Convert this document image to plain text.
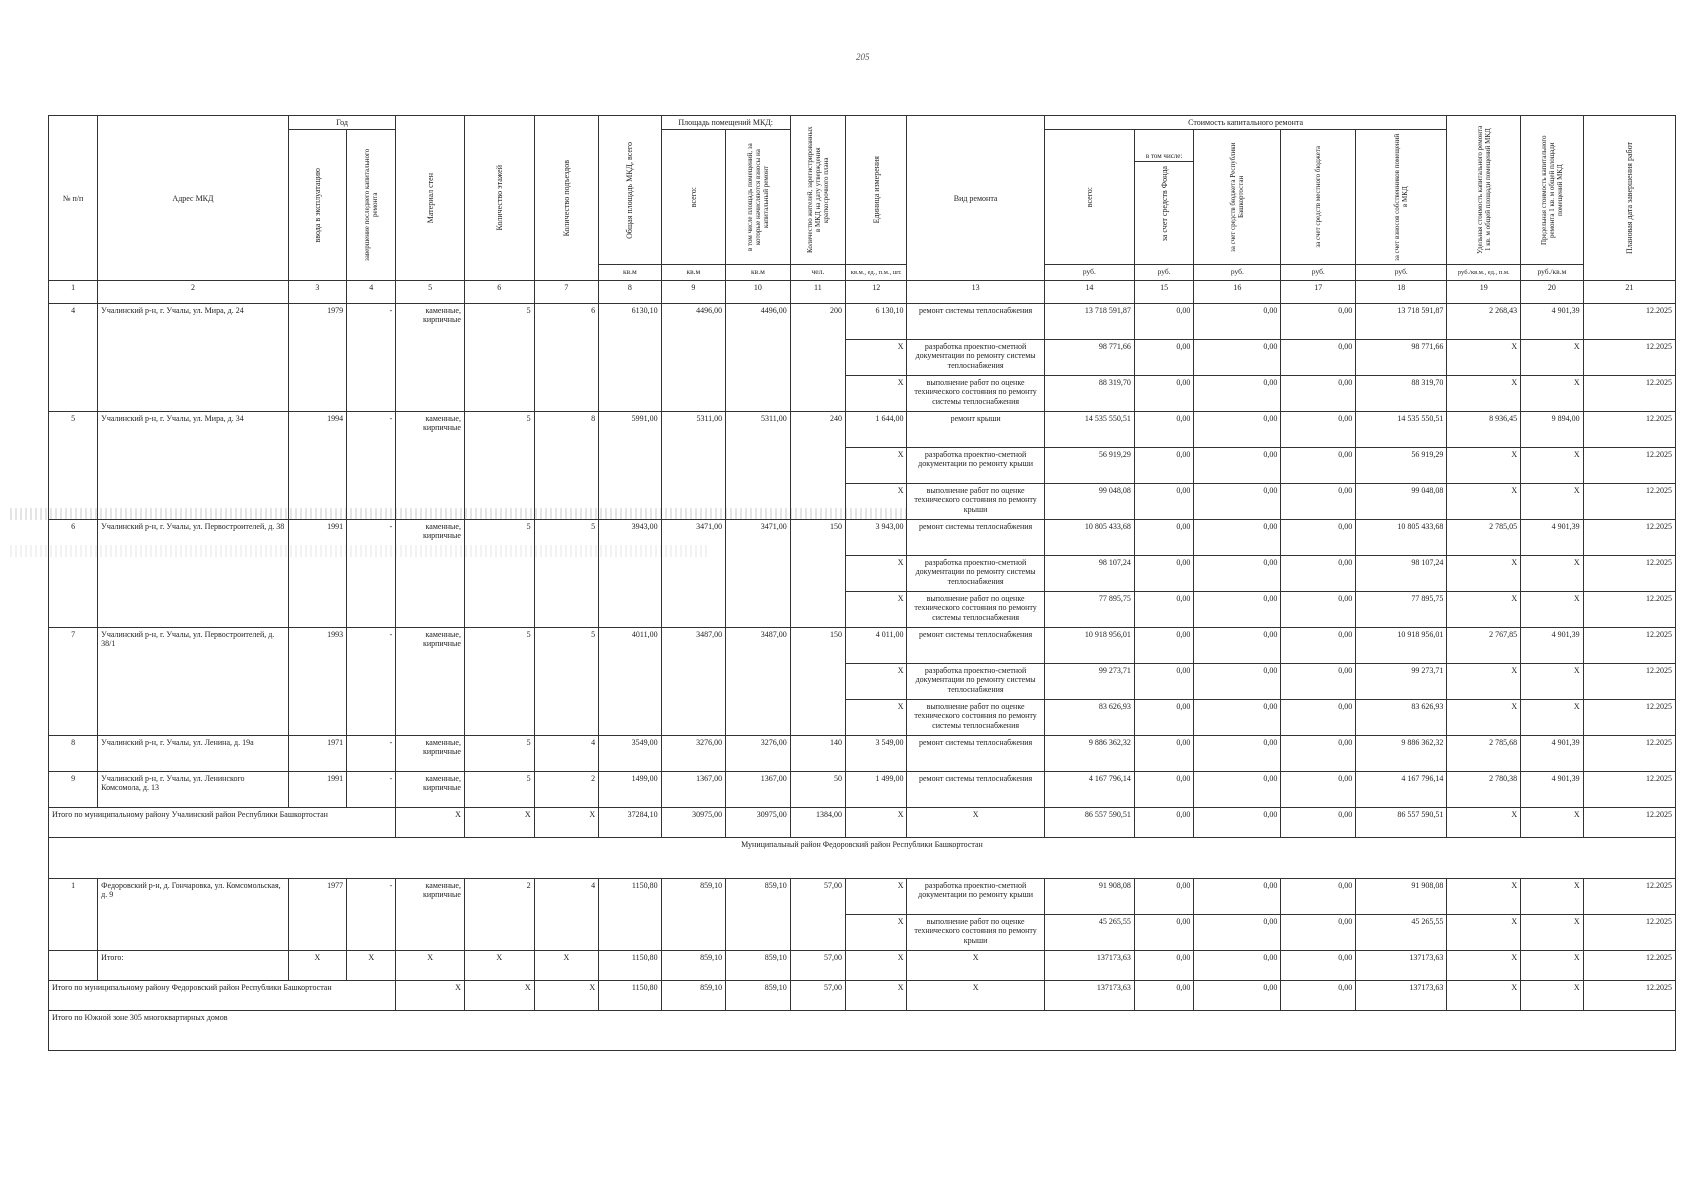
205
№ п/п	Адрес МКД	Год		Материал стен	Количество этажей	Количество подъездов	Общая площадь МКД, всего	Площадь помещений МКД:		Количество жителей, зарегистрированных в МКД на дату утверждения краткосрочного плана	Единица измерения	Вид ремонта	Стоимость капитального ремонта					Удельная стоимость капитального ремонта 1 кв. м общей площади помещений МКД	Предельная стоимость капитального ремонта 1 кв. м общей площади помещений МКД	Плановая дата завершения работ

		ввода в эксплуатацию	завершение последнего капитального ремонта					всего:	в том числе площадь помещений, за которые начисляются взносы на капитальный ремонт				всего:	в том числе:
за счет средств Фонда	за счет средств бюджета Республики Башкортостан	за счет средств местного бюджета	за счет взносов собственников помещений в МКД			

							кв.м	кв.м	кв.м	чел.	кв.м., ед., п.м., шт.		руб.	руб.	руб.	руб.	руб.	руб./кв.м., ед., п.м.	руб./кв.м	
1	2	3	4	5	6	7	8	9	10	11	12	13	14	15	16	17	18	19	20	21
4	Учалинский р-н, г. Учалы, ул. Мира, д. 24	1979	-	каменные, кирпичные	5	6	6130,10	4496,00	4496,00	200	6 130,10	ремонт системы теплоснабжения	13 718 591,87	0,00	0,00	0,00	13 718 591,87	2 268,43	4 901,39	12.2025
											X	разработка проектно-сметной документации по ремонту системы теплоснабжения	98 771,66	0,00	0,00	0,00	98 771,66	X	X	12.2025
											X	выполнение работ по оценке технического состояния по ремонту системы теплоснабжения	88 319,70	0,00	0,00	0,00	88 319,70	X	X	12.2025
5	Учалинский р-н, г. Учалы, ул. Мира, д. 34	1994	-	каменные, кирпичные	5	8	5991,00	5311,00	5311,00	240	1 644,00	ремонт крыши	14 535 550,51	0,00	0,00	0,00	14 535 550,51	8 936,45	9 894,00	12.2025
											X	разработка проектно-сметной документации по ремонту крыши	56 919,29	0,00	0,00	0,00	56 919,29	X	X	12.2025
											X	выполнение работ по оценке технического состояния по ремонту крыши	99 048,08	0,00	0,00	0,00	99 048,08	X	X	12.2025
6	Учалинский р-н, г. Учалы, ул. Первостроителей, д. 38	1991	-	каменные, кирпичные	5	5	3943,00	3471,00	3471,00	150	3 943,00	ремонт системы теплоснабжения	10 805 433,68	0,00	0,00	0,00	10 805 433,68	2 785,05	4 901,39	12.2025
											X	разработка проектно-сметной документации по ремонту системы теплоснабжения	98 107,24	0,00	0,00	0,00	98 107,24	X	X	12.2025
											X	выполнение работ по оценке технического состояния по ремонту системы теплоснабжения	77 895,75	0,00	0,00	0,00	77 895,75	X	X	12.2025
7	Учалинский р-н, г. Учалы, ул. Первостроителей, д. 38/1	1993	-	каменные, кирпичные	5	5	4011,00	3487,00	3487,00	150	4 011,00	ремонт системы теплоснабжения	10 918 956,01	0,00	0,00	0,00	10 918 956,01	2 767,85	4 901,39	12.2025
											X	разработка проектно-сметной документации по ремонту системы теплоснабжения	99 273,71	0,00	0,00	0,00	99 273,71	X	X	12.2025
											X	выполнение работ по оценке технического состояния по ремонту системы теплоснабжения	83 626,93	0,00	0,00	0,00	83 626,93	X	X	12.2025
8	Учалинский р-н, г. Учалы, ул. Ленина, д. 19а	1971	-	каменные, кирпичные	5	4	3549,00	3276,00	3276,00	140	3 549,00	ремонт системы теплоснабжения	9 886 362,32	0,00	0,00	0,00	9 886 362,32	2 785,68	4 901,39	12.2025
9	Учалинский р-н, г. Учалы, ул. Ленинского Комсомола, д. 13	1991	-	каменные, кирпичные	5	2	1499,00	1367,00	1367,00	50	1 499,00	ремонт системы теплоснабжения	4 167 796,14	0,00	0,00	0,00	4 167 796,14	2 780,38	4 901,39	12.2025
Итого по муниципальному району Учалинский район Республики Башкортостан				X	X	X	37284,10	30975,00	30975,00	1384,00	X	X	86 557 590,51	0,00	0,00	0,00	86 557 590,51	X	X	12.2025
Муниципальный район Федоровский район Республики Башкортостан																				
1	Федоровский р-н, д. Гончаровка, ул. Комсомольская, д. 9	1977	-	каменные, кирпичные	2	4	1150,80	859,10	859,10	57,00	X	разработка проектно-сметной документации по ремонту крыши	91 908,08	0,00	0,00	0,00	91 908,08	X	X	12.2025
											X	выполнение работ по оценке технического состояния по ремонту крыши	45 265,55	0,00	0,00	0,00	45 265,55	X	X	12.2025
	Итого:	X	X	X	X	X	1150,80	859,10	859,10	57,00	X	X	137173,63	0,00	0,00	0,00	137173,63	X	X	12.2025
Итого по муниципальному району Федоровский район Республики Башкортостан				X	X	X	1150,80	859,10	859,10	57,00	X	X	137173,63	0,00	0,00	0,00	137173,63	X	X	12.2025
Итого по Южной зоне 305 многоквартирных домов																				
